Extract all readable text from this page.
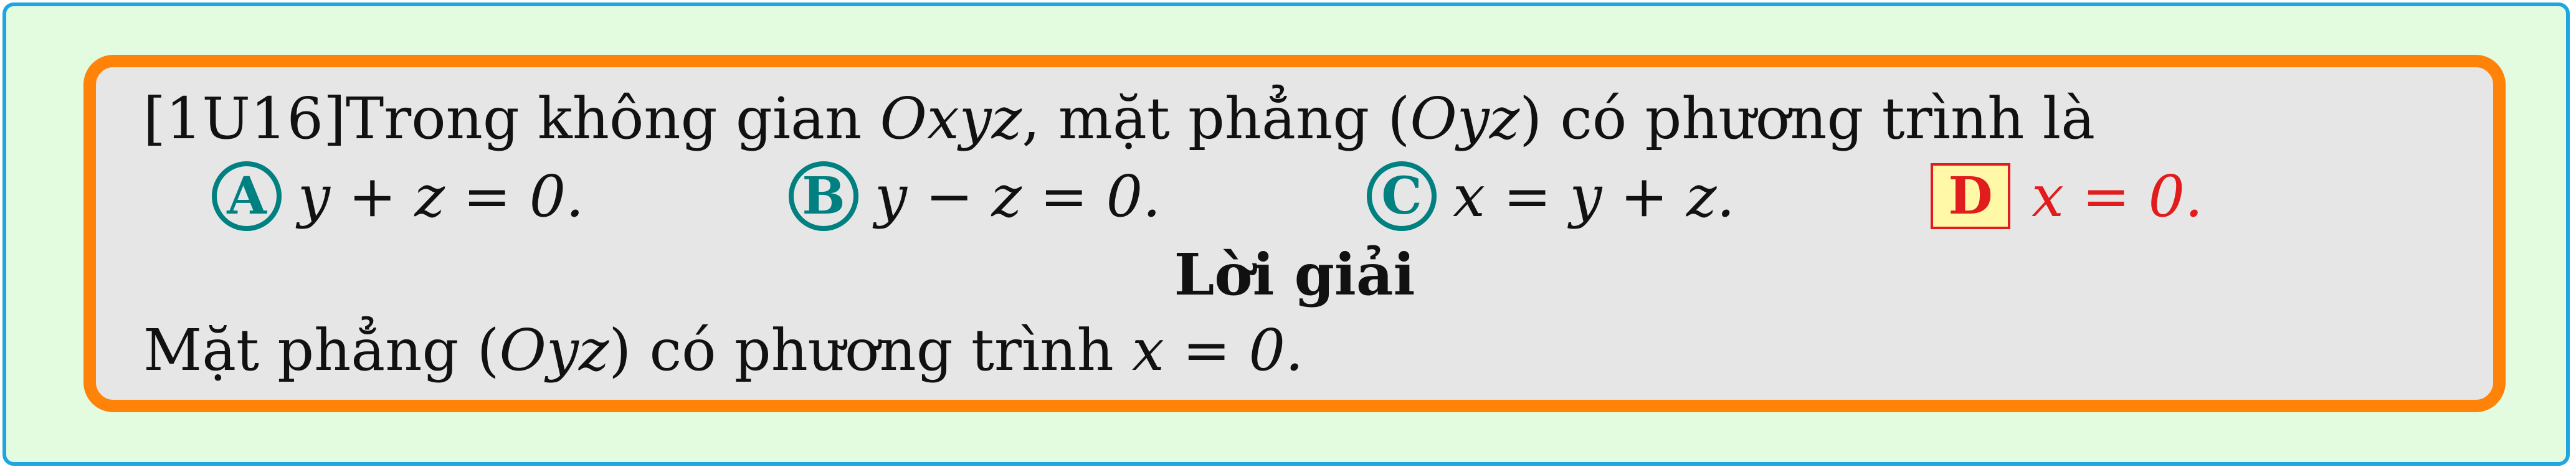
[1U16]Trong không gian Oxyz, mặt phẳng (Oyz) có phương trình là
A y + z = 0.	B y − z = 0.	C x = y + z.	D x = 0.
Lời giải
Mặt phẳng (Oyz) có phương trình x = 0.
